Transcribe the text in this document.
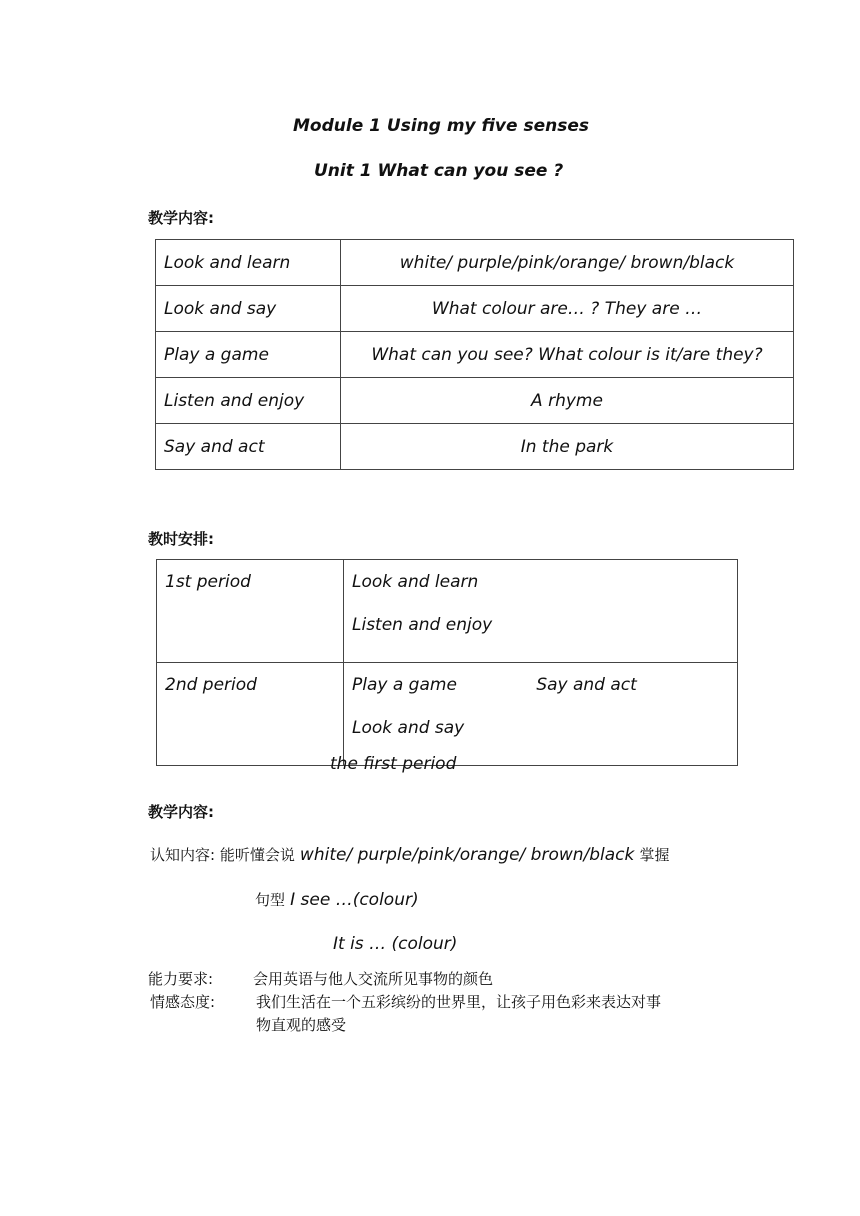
Module 1 Using my five senses
Unit 1 What can you see ?
教学内容:
Look and learn	white/ purple/pink/orange/ brown/black
Look and say	What colour are… ? They are …
Play a game	What can you see? What colour is it/are they?
Listen and enjoy	A rhyme
Say and act	In the park
教时安排:
1st period	Look and learn
Listen and enjoy

2nd period	Play a game Say and act
Look and say
the first period
教学内容:
认知内容: 能听懂会说 white/ purple/pink/orange/ brown/black 掌握
句型 I see …(colour)
It is … (colour)
能力要求:	会用英语与他人交流所见事物的颜色
情感态度:	我们生活在一个五彩缤纷的世界里，让孩子用色彩来表达对事
物直观的感受
